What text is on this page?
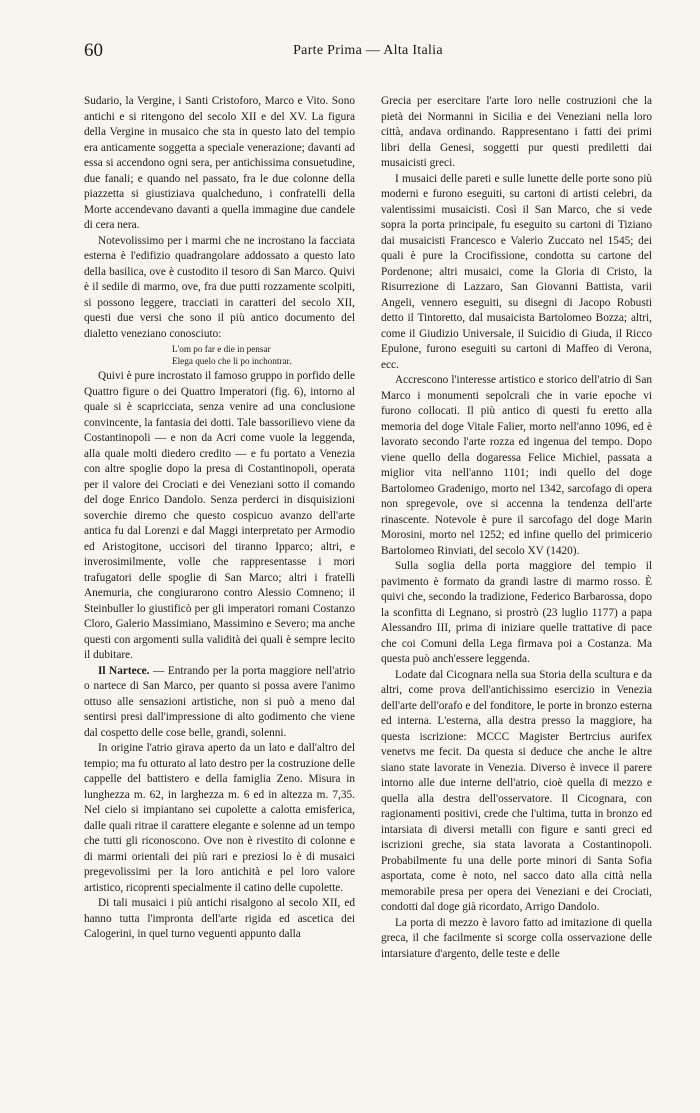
60	Parte Prima — Alta Italia

Sudario, la Vergine, i Santi Cristoforo, Marco e Vito. Sono antichi e si ritengono del secolo XII e del XV. La figura della Vergine in musaico che sta in questo lato del tempio era anticamente soggetta a speciale venerazione; davanti ad essa si accendono ogni sera, per antichissima consuetudine, due fanali; e quando nel passato, fra le due colonne della piazzetta si giustiziava qualcheduno, i confratelli della Morte accendevano davanti a quella immagine due candele di cera nera.

Notevolissimo per i marmi che ne incrostano la facciata esterna è l'edifizio quadrangolare addossato a questo lato della basilica, ove è custodito il tesoro di San Marco. Quivi è il sedile di marmo, ove, fra due putti rozzamente scolpiti, si possono leggere, tracciati in caratteri del secolo XII, questi due versi che sono il più antico documento del dialetto veneziano conosciuto:

L'om po far e die in pensar
Elega quelo che li po inchontrar.

Quivi è pure incrostato il famoso gruppo in porfido delle Quattro figure o dei Quattro Imperatori (fig. 6), intorno al quale si è scapricciata, senza venire ad una conclusione convincente, la fantasia dei dotti. Tale bassorilievo viene da Costantinopoli — e non da Acri come vuole la leggenda, alla quale molti diedero credito — e fu portato a Venezia con altre spoglie dopo la presa di Costantinopoli, operata per il valore dei Crociati e dei Veneziani sotto il comando del doge Enrico Dandolo. Senza perderci in disquisizioni soverchie diremo che questo cospicuo avanzo dell'arte antica fu dal Lorenzi e dal Maggi interpretato per Armodio ed Aristogitone, uccisori del tiranno Ipparco; altri, e inverosimilmente, volle che rappresentasse i mori trafugatori delle spoglie di San Marco; altri i fratelli Anemuria, che congiurarono contro Alessio Comneno; il Steinbuller lo giustificò per gli imperatori romani Costanzo Cloro, Galerio Massimiano, Massimino e Severo; ma anche questi con argomenti sulla validità dei quali è sempre lecito il dubitare.

Il Nartece. — Entrando per la porta maggiore nell'atrio o nartece di San Marco, per quanto si possa avere l'animo ottuso alle sensazioni artistiche, non si può a meno dal sentirsi presi dall'impressione di alto godimento che viene dal cospetto delle cose belle, grandi, solenni.

In origine l'atrio girava aperto da un lato e dall'altro del tempio; ma fu otturato al lato destro per la costruzione delle cappelle del battistero e della famiglia Zeno. Misura in lunghezza m. 62, in larghezza m. 6 ed in altezza m. 7,35. Nel cielo si impiantano sei cupolette a calotta emisferica, dalle quali ritrae il carattere elegante e solenne ad un tempo che tutti gli riconoscono. Ove non è rivestito di colonne e di marmi orientali dei più rari e preziosi lo è di musaici pregevolissimi per la loro antichità e pel loro valore artistico, ricoprenti specialmente il catino delle cupolette.

Di tali musaici i più antichi risalgono al secolo XII, ed hanno tutta l'impronta dell'arte rigida ed ascetica dei Calogerini, in quel turno veguenti appunto dalla

Grecia per esercitare l'arte loro nelle costruzioni che la pietà dei Normanni in Sicilia e dei Veneziani nella loro città, andava ordinando. Rappresentano i fatti dei primi libri della Genesi, soggetti pur questi prediletti dai musaicisti greci.

I musaici delle pareti e sulle lunette delle porte sono più moderni e furono eseguiti, su cartoni di artisti celebri, da valentissimi musaicisti. Così il San Marco, che si vede sopra la porta principale, fu eseguito su cartoni di Tiziano dai musaicisti Francesco e Valerio Zuccato nel 1545; dei quali è pure la Crocifissione, condotta su cartone del Pordenone; altri musaici, come la Gloria di Cristo, la Risurrezione di Lazzaro, San Giovanni Battista, varii Angeli, vennero eseguiti, su disegni di Jacopo Robusti detto il Tintoretto, dal musaicista Bartolomeo Bozza; altri, come il Giudizio Universale, il Suicidio di Giuda, il Ricco Epulone, furono eseguiti su cartoni di Maffeo di Verona, ecc.

Accrescono l'interesse artistico e storico dell'atrio di San Marco i monumenti sepolcrali che in varie epoche vi furono collocati. Il più antico di questi fu eretto alla memoria del doge Vitale Falier, morto nell'anno 1096, ed è lavorato secondo l'arte rozza ed ingenua del tempo. Dopo viene quello della dogaressa Felice Michiel, passata a miglior vita nell'anno 1101; indi quello del doge Bartolomeo Gradenigo, morto nel 1342, sarcofago di opera non spregevole, ove si accenna la tendenza dell'arte rinascente. Notevole è pure il sarcofago del doge Marin Morosini, morto nel 1252; ed infine quello del primicerio Bartolomeo Rinviati, del secolo XV (1420).

Sulla soglia della porta maggiore del tempio il pavimento è formato da grandi lastre di marmo rosso. È quivi che, secondo la tradizione, Federico Barbarossa, dopo la sconfitta di Legnano, si prostrò (23 luglio 1177) a papa Alessandro III, prima di iniziare quelle trattative di pace che coi Comuni della Lega firmava poi a Costanza. Ma questa può anch'essere leggenda.

Lodate dal Cicognara nella sua Storia della scultura e da altri, come prova dell'antichissimo esercizio in Venezia dell'arte dell'orafo e del fonditore, le porte in bronzo esterna ed interna. L'esterna, alla destra presso la maggiore, ha questa iscrizione: MCCC Magister Bertrcius aurifex venetvs me fecit. Da questa si deduce che anche le altre siano state lavorate in Venezia. Diverso è invece il parere intorno alle due interne dell'atrio, cioè quella di mezzo e quella alla destra dell'osservatore. Il Cicognara, con ragionamenti positivi, crede che l'ultima, tutta in bronzo ed intarsiata di diversi metalli con figure e santi greci ed iscrizioni greche, sia stata lavorata a Costantinopoli. Probabilmente fu una delle porte minori di Santa Sofia asportata, come è noto, nel sacco dato alla città nella memorabile presa per opera dei Veneziani e dei Crociati, condotti dal doge già ricordato, Arrigo Dandolo.

La porta di mezzo è lavoro fatto ad imitazione di quella greca, il che facilmente si scorge colla osservazione delle intarsiature d'argento, delle teste e delle
